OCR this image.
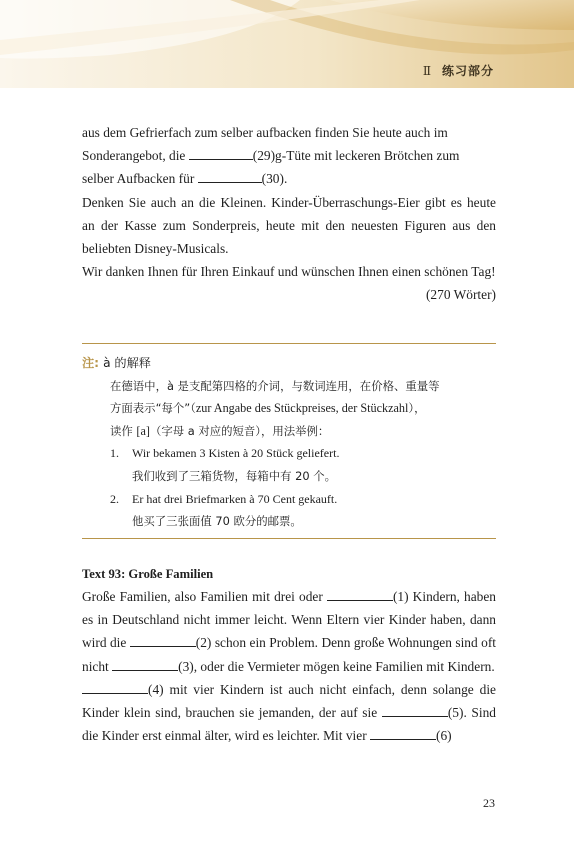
Ⅱ 练习部分

aus dem Gefrierfach zum selber aufbacken finden Sie heute auch im
Sonderangebot, die	(29)g-Tüte mit leckeren Brötchen zum
selber Aufbacken für	(30).

Denken Sie auch an die Kleinen. Kinder-Überraschungs-Eier gibt es heute an der Kasse zum Sonderpreis, heute mit den neuesten Figuren aus den beliebten Disney-Musicals.

Wir danken Ihnen für Ihren Einkauf und wünschen Ihnen einen schönen Tag!

(270 Wörter)

注: à 的解释
在德语中，à 是支配第四格的介词，与数词连用，在价格、重量等
方面表示“每个”（zur Angabe des Stückpreises, der Stückzahl），
读作 [a]（字母 a 对应的短音），用法举例：
1. Wir bekamen 3 Kisten à 20 Stück geliefert.
我们收到了三箱货物，每箱中有 20 个。
2. Er hat drei Briefmarken à 70 Cent gekauft.
他买了三张面值 70 欧分的邮票。

Text 93: Große Familien

Große Familien, also Familien mit drei oder	(1) Kindern, haben es in Deutschland nicht immer leicht. Wenn Eltern vier Kinder haben, dann wird die	(2) schon ein Problem. Denn große Wohnungen sind oft nicht	(3), oder die Vermieter mögen keine Familien mit Kindern.

(4) mit vier Kindern ist auch nicht einfach, denn solange die Kinder klein sind, brauchen sie jemanden, der auf sie	(5). Sind die Kinder erst einmal älter, wird es leichter. Mit vier	(6)

23
